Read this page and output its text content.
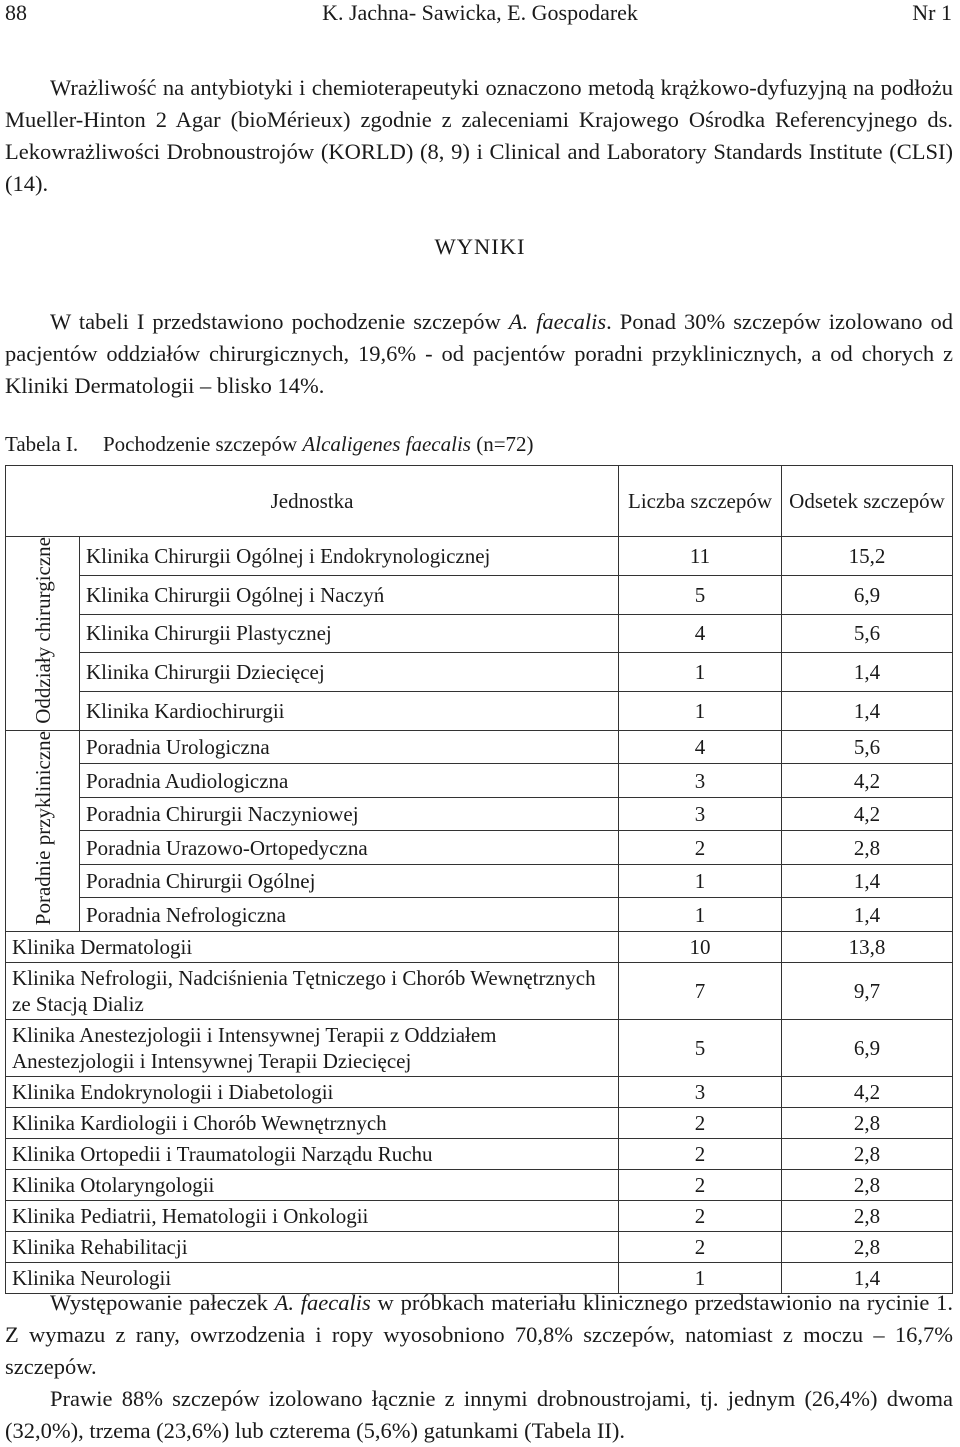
88	K. Jachna- Sawicka, E. Gospodarek	Nr 1

Wrażliwość na antybiotyki i chemioterapeutyki oznaczono metodą krążkowo-dyfuzyjną na podłożu Mueller-Hinton 2 Agar (bioMérieux) zgodnie z zaleceniami Krajowego Ośrodka Referencyjnego ds. Lekowrażliwości Drobnoustrojów (KORLD) (8, 9) i Clinical and Laboratory Standards Institute (CLSI) (14).

WYNIKI

W tabeli I przedstawiono pochodzenie szczepów A. faecalis. Ponad 30% szczepów izolowano od pacjentów oddziałów chirurgicznych, 19,6% - od pacjentów poradni przyklinicznych, a od chorych z Kliniki Dermatologii – blisko 14%.

Tabela I. Pochodzenie szczepów Alcaligenes faecalis (n=72)
Jednostka		Liczba szczepów	Odsetek szczepów
Oddziały chirurgiczne	Klinika Chirurgii Ogólnej i Endokrynologicznej	11	15,2
	Klinika Chirurgii Ogólnej i Naczyń	5	6,9
	Klinika Chirurgii Plastycznej	4	5,6
	Klinika Chirurgii Dziecięcej	1	1,4
	Klinika Kardiochirurgii	1	1,4
Poradnie przykliniczne	Poradnia Urologiczna	4	5,6
	Poradnia Audiologiczna	3	4,2
	Poradnia Chirurgii Naczyniowej	3	4,2
	Poradnia Urazowo-Ortopedyczna	2	2,8
	Poradnia Chirurgii Ogólnej	1	1,4
	Poradnia Nefrologiczna	1	1,4
Klinika Dermatologii		10	13,8
Klinika Nefrologii, Nadciśnienia Tętniczego i Chorób Wewnętrznych ze Stacją Dializ		7	9,7
Klinika Anestezjologii i Intensywnej Terapii z Oddziałem Anestezjologii i Intensywnej Terapii Dziecięcej		5	6,9
Klinika Endokrynologii i Diabetologii		3	4,2
Klinika Kardiologii i Chorób Wewnętrznych		2	2,8
Klinika Ortopedii i Traumatologii Narządu Ruchu		2	2,8
Klinika Otolaryngologii		2	2,8
Klinika Pediatrii, Hematologii i Onkologii		2	2,8
Klinika Rehabilitacji		2	2,8
Klinika Neurologii		1	1,4

Występowanie pałeczek A. faecalis w próbkach materiału klinicznego przedstawionio na rycinie 1. Z wymazu z rany, owrzodzenia i ropy wyosobniono 70,8% szczepów, natomiast z moczu – 16,7% szczepów.

Prawie 88% szczepów izolowano łącznie z innymi drobnoustrojami, tj. jednym (26,4%) dwoma (32,0%), trzema (23,6%) lub czterema (5,6%) gatunkami (Tabela II).
